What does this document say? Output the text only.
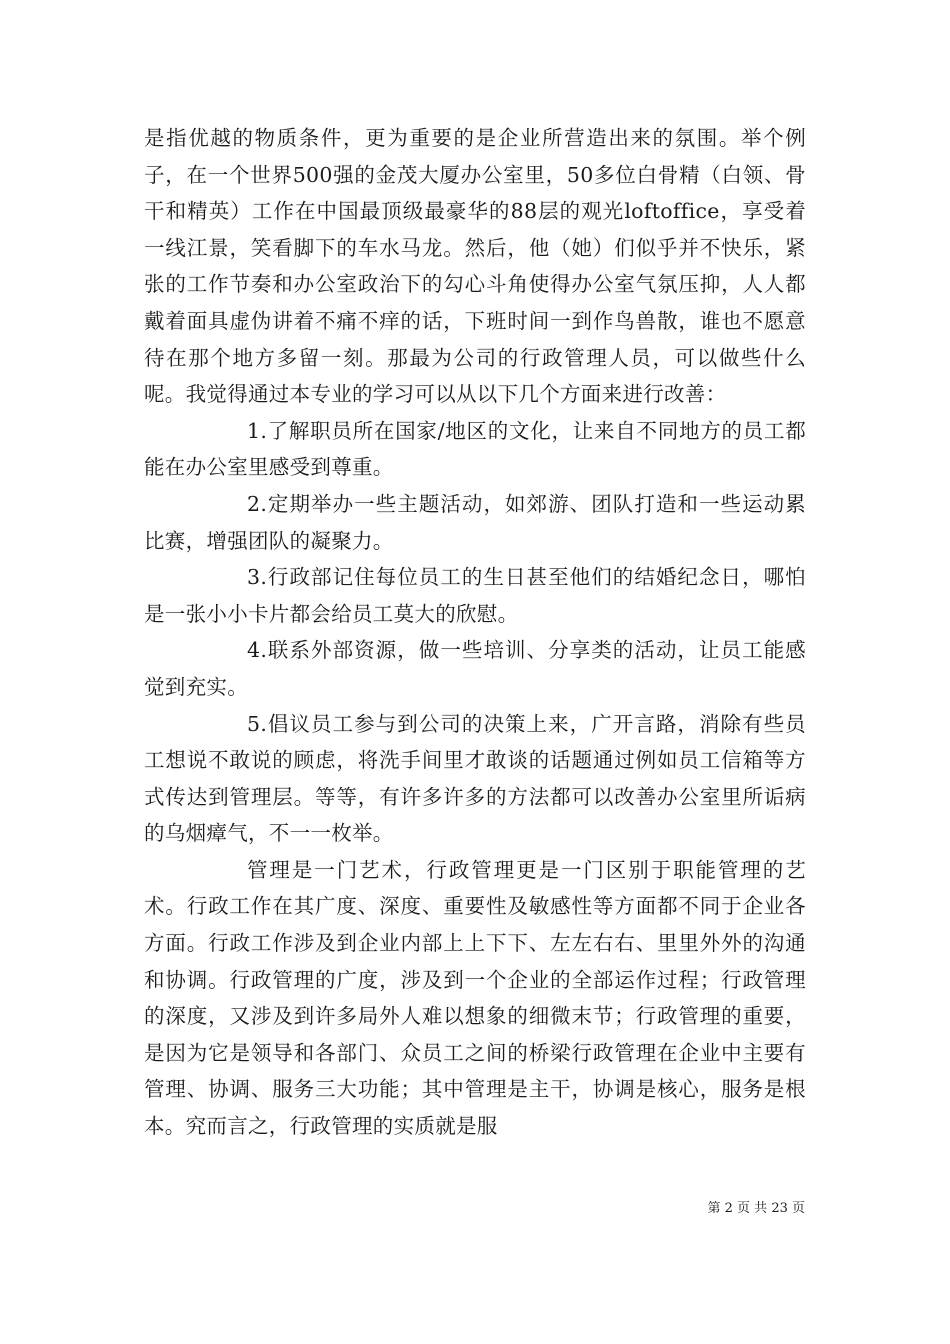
是指优越的物质条件，更为重要的是企业所营造出来的氛围。举个例子，在一个世界500强的金茂大厦办公室里，50多位白骨精（白领、骨干和精英）工作在中国最顶级最豪华的88层的观光loftoffice，享受着一线江景，笑看脚下的车水马龙。然后，他（她）们似乎并不快乐，紧张的工作节奏和办公室政治下的勾心斗角使得办公室气氛压抑，人人都戴着面具虚伪讲着不痛不痒的话，下班时间一到作鸟兽散，谁也不愿意待在那个地方多留一刻。那最为公司的行政管理人员，可以做些什么呢。我觉得通过本专业的学习可以从以下几个方面来进行改善：

1.了解职员所在国家/地区的文化，让来自不同地方的员工都能在办公室里感受到尊重。

2.定期举办一些主题活动，如郊游、团队打造和一些运动累比赛，增强团队的凝聚力。

3.行政部记住每位员工的生日甚至他们的结婚纪念日，哪怕是一张小小卡片都会给员工莫大的欣慰。

4.联系外部资源，做一些培训、分享类的活动，让员工能感觉到充实。

5.倡议员工参与到公司的决策上来，广开言路，消除有些员工想说不敢说的顾虑，将洗手间里才敢谈的话题通过例如员工信箱等方式传达到管理层。等等，有许多许多的方法都可以改善办公室里所诟病的乌烟瘴气，不一一枚举。

管理是一门艺术，行政管理更是一门区别于职能管理的艺术。行政工作在其广度、深度、重要性及敏感性等方面都不同于企业各方面。行政工作涉及到企业内部上上下下、左左右右、里里外外的沟通和协调。行政管理的广度，涉及到一个企业的全部运作过程；行政管理的深度，又涉及到许多局外人难以想象的细微末节；行政管理的重要，是因为它是领导和各部门、众员工之间的桥梁行政管理在企业中主要有管理、协调、服务三大功能；其中管理是主干，协调是核心，服务是根本。究而言之，行政管理的实质就是服

第 2 页 共 23 页
